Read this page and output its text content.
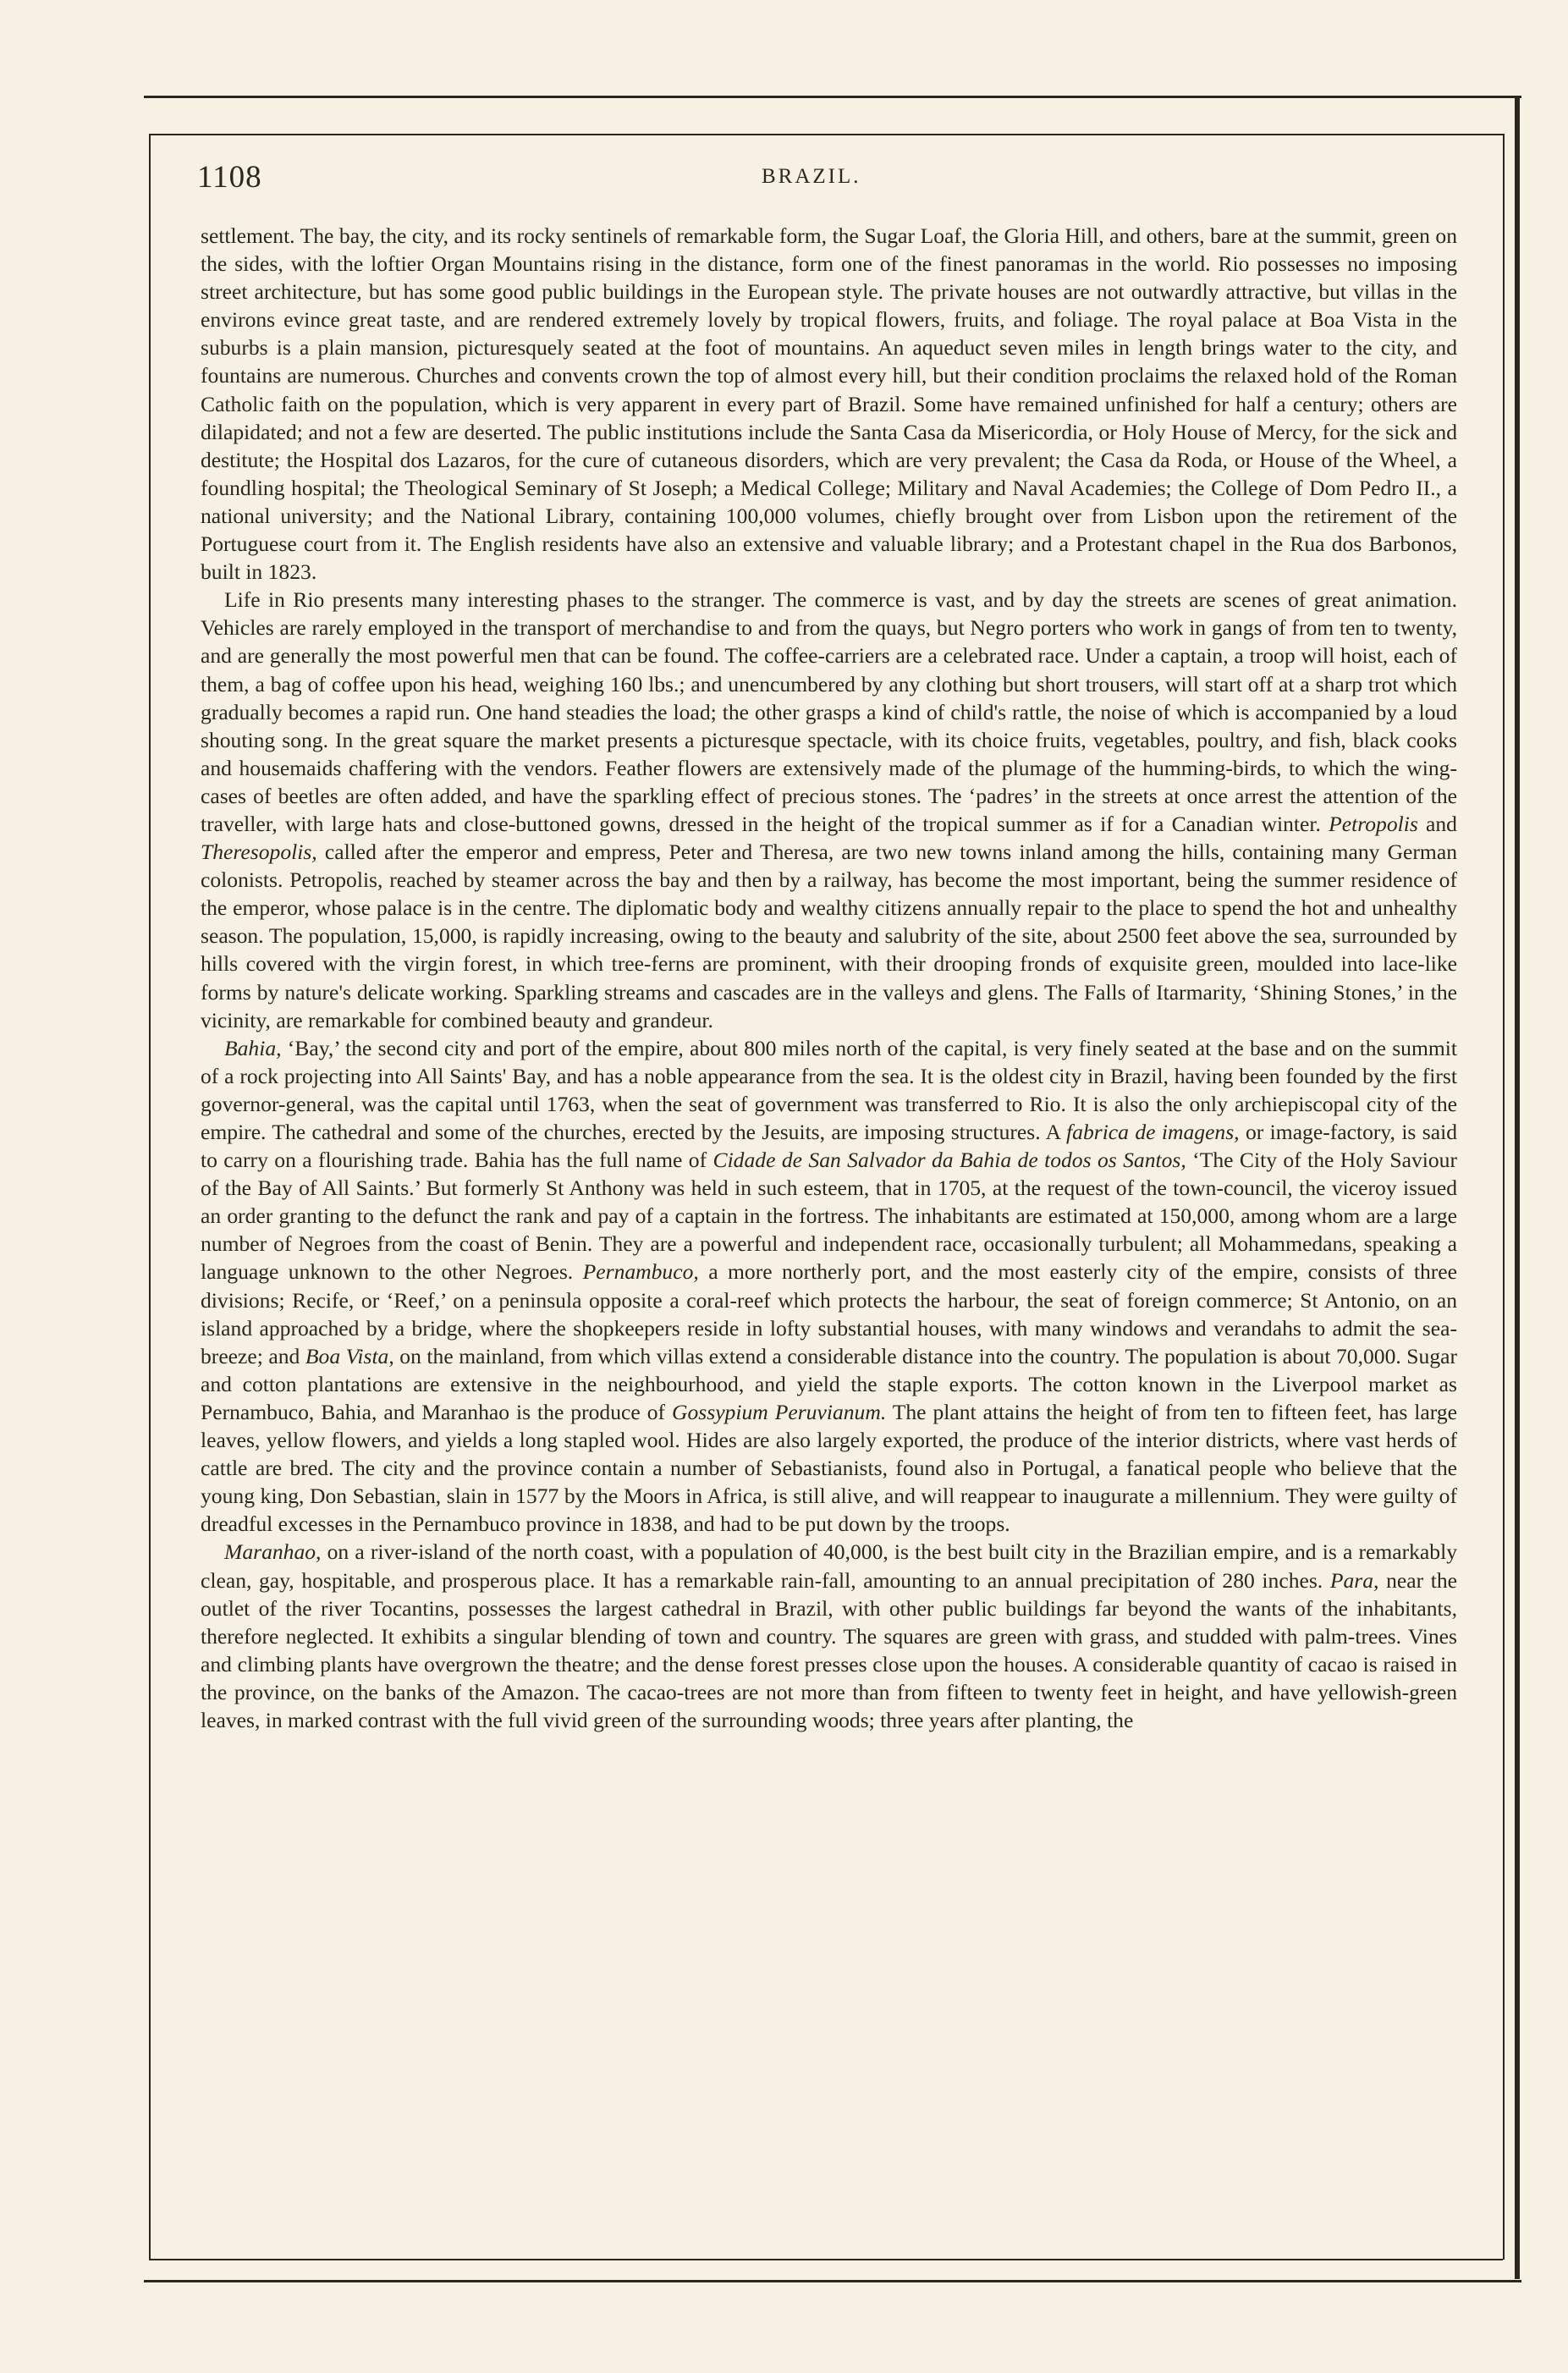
1108	BRAZIL.

settlement. The bay, the city, and its rocky sentinels of remarkable form, the Sugar Loaf, the Gloria Hill, and others, bare at the summit, green on the sides, with the loftier Organ Mountains rising in the distance, form one of the finest panoramas in the world. Rio possesses no imposing street architecture, but has some good public buildings in the European style. The private houses are not outwardly attractive, but villas in the environs evince great taste, and are rendered extremely lovely by tropical flowers, fruits, and foliage. The royal palace at Boa Vista in the suburbs is a plain mansion, picturesquely seated at the foot of mountains. An aqueduct seven miles in length brings water to the city, and fountains are numerous. Churches and convents crown the top of almost every hill, but their condition proclaims the relaxed hold of the Roman Catholic faith on the population, which is very apparent in every part of Brazil. Some have remained unfinished for half a century; others are dilapidated; and not a few are deserted. The public institutions include the Santa Casa da Misericordia, or Holy House of Mercy, for the sick and destitute; the Hospital dos Lazaros, for the cure of cutaneous disorders, which are very prevalent; the Casa da Roda, or House of the Wheel, a foundling hospital; the Theological Seminary of St Joseph; a Medical College; Military and Naval Academies; the College of Dom Pedro II., a national university; and the National Library, containing 100,000 volumes, chiefly brought over from Lisbon upon the retirement of the Portuguese court from it. The English residents have also an extensive and valuable library; and a Protestant chapel in the Rua dos Barbonos, built in 1823.

Life in Rio presents many interesting phases to the stranger. The commerce is vast, and by day the streets are scenes of great animation. Vehicles are rarely employed in the transport of merchandise to and from the quays, but Negro porters who work in gangs of from ten to twenty, and are generally the most powerful men that can be found. The coffee-carriers are a celebrated race. Under a captain, a troop will hoist, each of them, a bag of coffee upon his head, weighing 160 lbs.; and unencumbered by any clothing but short trousers, will start off at a sharp trot which gradually becomes a rapid run. One hand steadies the load; the other grasps a kind of child's rattle, the noise of which is accompanied by a loud shouting song. In the great square the market presents a picturesque spectacle, with its choice fruits, vegetables, poultry, and fish, black cooks and housemaids chaffering with the vendors. Feather flowers are extensively made of the plumage of the humming-birds, to which the wing-cases of beetles are often added, and have the sparkling effect of precious stones. The ‘padres’ in the streets at once arrest the attention of the traveller, with large hats and close-buttoned gowns, dressed in the height of the tropical summer as if for a Canadian winter. Petropolis and Theresopolis, called after the emperor and empress, Peter and Theresa, are two new towns inland among the hills, containing many German colonists. Petropolis, reached by steamer across the bay and then by a railway, has become the most important, being the summer residence of the emperor, whose palace is in the centre. The diplomatic body and wealthy citizens annually repair to the place to spend the hot and unhealthy season. The population, 15,000, is rapidly increasing, owing to the beauty and salubrity of the site, about 2500 feet above the sea, surrounded by hills covered with the virgin forest, in which tree-ferns are prominent, with their drooping fronds of exquisite green, moulded into lace-like forms by nature's delicate working. Sparkling streams and cascades are in the valleys and glens. The Falls of Itarmarity, ‘Shining Stones,’ in the vicinity, are remarkable for combined beauty and grandeur.

Bahia, ‘Bay,’ the second city and port of the empire, about 800 miles north of the capital, is very finely seated at the base and on the summit of a rock projecting into All Saints' Bay, and has a noble appearance from the sea. It is the oldest city in Brazil, having been founded by the first governor-general, was the capital until 1763, when the seat of government was transferred to Rio. It is also the only archiepiscopal city of the empire. The cathedral and some of the churches, erected by the Jesuits, are imposing structures. A fabrica de imagens, or image-factory, is said to carry on a flourishing trade. Bahia has the full name of Cidade de San Salvador da Bahia de todos os Santos, ‘The City of the Holy Saviour of the Bay of All Saints.’ But formerly St Anthony was held in such esteem, that in 1705, at the request of the town-council, the viceroy issued an order granting to the defunct the rank and pay of a captain in the fortress. The inhabitants are estimated at 150,000, among whom are a large number of Negroes from the coast of Benin. They are a powerful and independent race, occasionally turbulent; all Mohammedans, speaking a language unknown to the other Negroes. Pernambuco, a more northerly port, and the most easterly city of the empire, consists of three divisions; Recife, or ‘Reef,’ on a peninsula opposite a coral-reef which protects the harbour, the seat of foreign commerce; St Antonio, on an island approached by a bridge, where the shopkeepers reside in lofty substantial houses, with many windows and verandahs to admit the sea-breeze; and Boa Vista, on the mainland, from which villas extend a considerable distance into the country. The population is about 70,000. Sugar and cotton plantations are extensive in the neighbourhood, and yield the staple exports. The cotton known in the Liverpool market as Pernambuco, Bahia, and Maranhao is the produce of Gossypium Peruvianum. The plant attains the height of from ten to fifteen feet, has large leaves, yellow flowers, and yields a long stapled wool. Hides are also largely exported, the produce of the interior districts, where vast herds of cattle are bred. The city and the province contain a number of Sebastianists, found also in Portugal, a fanatical people who believe that the young king, Don Sebastian, slain in 1577 by the Moors in Africa, is still alive, and will reappear to inaugurate a millennium. They were guilty of dreadful excesses in the Pernambuco province in 1838, and had to be put down by the troops.

Maranhao, on a river-island of the north coast, with a population of 40,000, is the best built city in the Brazilian empire, and is a remarkably clean, gay, hospitable, and prosperous place. It has a remarkable rain-fall, amounting to an annual precipitation of 280 inches. Para, near the outlet of the river Tocantins, possesses the largest cathedral in Brazil, with other public buildings far beyond the wants of the inhabitants, therefore neglected. It exhibits a singular blending of town and country. The squares are green with grass, and studded with palm-trees. Vines and climbing plants have overgrown the theatre; and the dense forest presses close upon the houses. A considerable quantity of cacao is raised in the province, on the banks of the Amazon. The cacao-trees are not more than from fifteen to twenty feet in height, and have yellowish-green leaves, in marked contrast with the full vivid green of the surrounding woods; three years after planting, the
